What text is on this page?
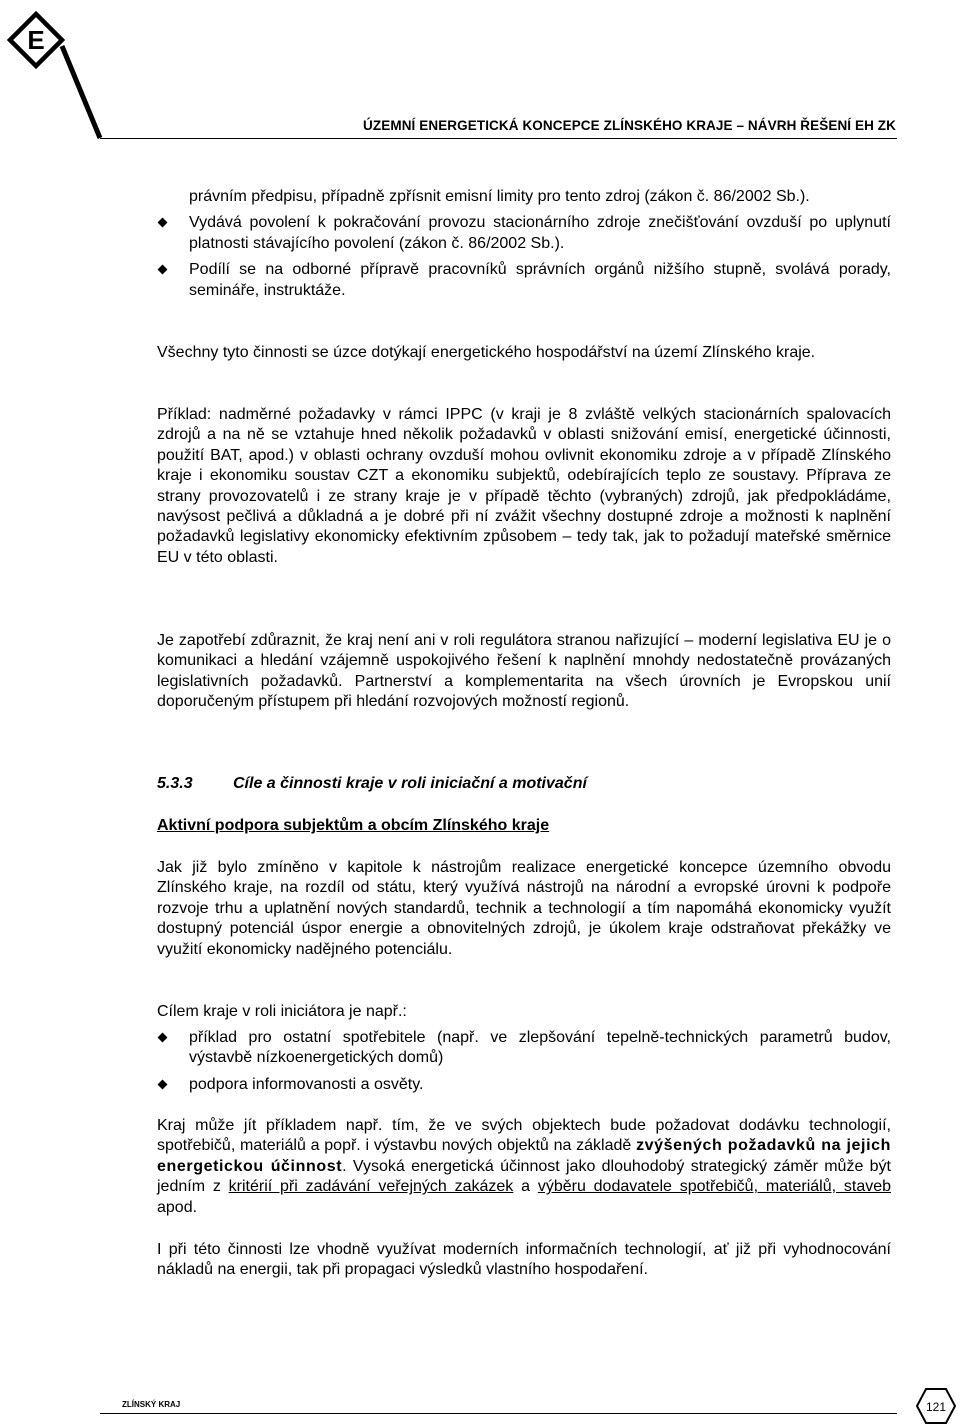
E
ÚZEMNÍ ENERGETICKÁ KONCEPCE ZLÍNSKÉHO KRAJE – NÁVRH ŘEŠENÍ EH ZK
právním předpisu, případně zpřísnit emisní limity pro tento zdroj (zákon č. 86/2002 Sb.).
Vydává povolení k pokračování provozu stacionárního zdroje znečišťování ovzduší po uplynutí platnosti stávajícího povolení (zákon č. 86/2002 Sb.).
Podílí se na odborné přípravě pracovníků správních orgánů nižšího stupně, svolává porady, semináře, instruktáže.

Všechny tyto činnosti se úzce dotýkají energetického hospodářství na území Zlínského kraje.

Příklad: nadměrné požadavky v rámci IPPC (v kraji je 8 zvláště velkých stacionárních spalovacích zdrojů a na ně se vztahuje hned několik požadavků v oblasti snižování emisí, energetické účinnosti, použití BAT, apod.) v oblasti ochrany ovzduší mohou ovlivnit ekonomiku zdroje a v případě Zlínského kraje i ekonomiku soustav CZT a ekonomiku subjektů, odebírajících teplo ze soustavy. Příprava ze strany provozovatelů i ze strany kraje je v případě těchto (vybraných) zdrojů, jak předpokládáme, navýsost pečlivá a důkladná a je dobré při ní zvážit všechny dostupné zdroje a možnosti k naplnění požadavků legislativy ekonomicky efektivním způsobem – tedy tak, jak to požadují mateřské směrnice EU v této oblasti.

Je zapotřebí zdůraznit, že kraj není ani v roli regulátora stranou nařizující – moderní legislativa EU je o komunikaci a hledání vzájemně uspokojivého řešení k naplnění mnohdy nedostatečně provázaných legislativních požadavků. Partnerství a komplementarita na všech úrovních je Evropskou unií doporučeným přístupem při hledání rozvojových možností regionů.

5.3.3	Cíle a činnosti kraje v roli iniciační a motivační
Aktivní podpora subjektům a obcím Zlínského kraje

Jak již bylo zmíněno v kapitole k nástrojům realizace energetické koncepce územního obvodu Zlínského kraje, na rozdíl od státu, který využívá nástrojů na národní a evropské úrovni k podpoře rozvoje trhu a uplatnění nových standardů, technik a technologií a tím napomáhá ekonomicky využít dostupný potenciál úspor energie a obnovitelných zdrojů, je úkolem kraje odstraňovat překážky ve využití ekonomicky nadějného potenciálu.

Cílem kraje v roli iniciátora je např.:

příklad pro ostatní spotřebitele (např. ve zlepšování tepelně-technických parametrů budov, výstavbě nízkoenergetických domů)
podpora informovanosti a osvěty.

Kraj může jít příkladem např. tím, že ve svých objektech bude požadovat dodávku technologií, spotřebičů, materiálů a popř. i výstavbu nových objektů na základě zvýšených požadavků na jejich energetickou účinnost. Vysoká energetická účinnost jako dlouhodobý strategický záměr může být jedním z kritérií při zadávání veřejných zakázek a výběru dodavatele spotřebičů, materiálů, staveb apod.

I při této činnosti lze vhodně využívat moderních informačních technologií, ať již při vyhodnocování nákladů na energii, tak při propagaci výsledků vlastního hospodaření.

ZLÍNSKÝ KRAJ	121
